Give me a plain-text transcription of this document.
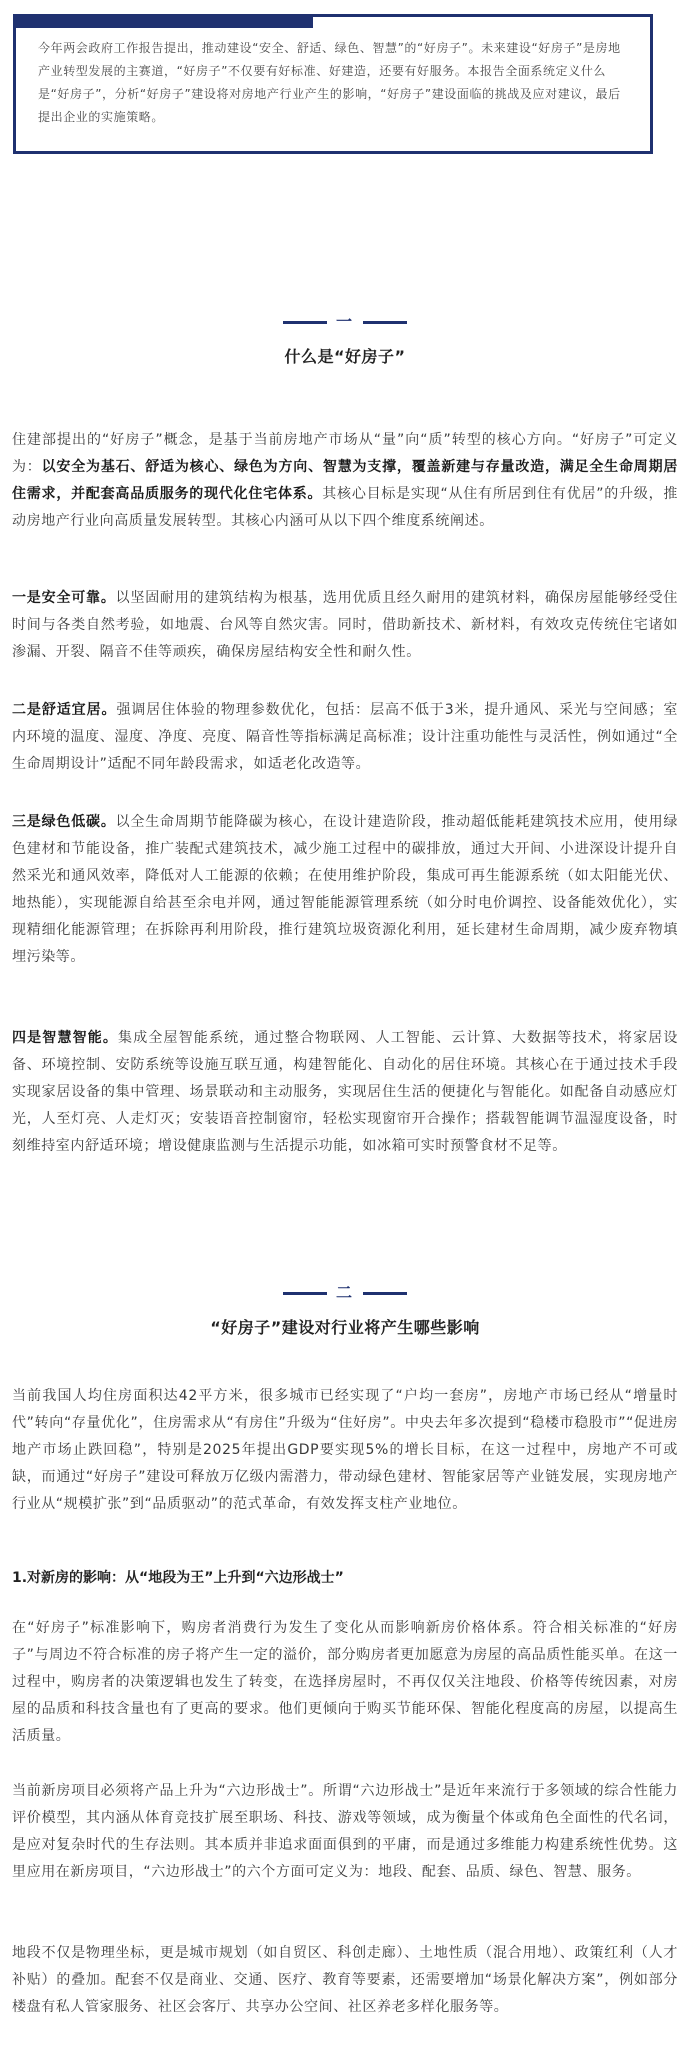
今年两会政府工作报告提出，推动建设“安全、舒适、绿色、智慧”的“好房子”。未来建设“好房子”是房地产业转型发展的主赛道，“好房子”不仅要有好标准、好建造，还要有好服务。本报告全面系统定义什么是“好房子”，分析“好房子”建设将对房地产行业产生的影响，“好房子”建设面临的挑战及应对建议，最后提出企业的实施策略。

一
什么是“好房子”

住建部提出的“好房子”概念，是基于当前房地产市场从“量”向“质”转型的核心方向。“好房子”可定义为：以安全为基石、舒适为核心、绿色为方向、智慧为支撑，覆盖新建与存量改造，满足全生命周期居住需求，并配套高品质服务的现代化住宅体系。其核心目标是实现“从住有所居到住有优居”的升级，推动房地产行业向高质量发展转型。其核心内涵可从以下四个维度系统阐述。

一是安全可靠。以坚固耐用的建筑结构为根基，选用优质且经久耐用的建筑材料，确保房屋能够经受住时间与各类自然考验，如地震、台风等自然灾害。同时，借助新技术、新材料，有效攻克传统住宅诸如渗漏、开裂、隔音不佳等顽疾，确保房屋结构安全性和耐久性。

二是舒适宜居。强调居住体验的物理参数优化，包括：层高不低于3米，提升通风、采光与空间感；室内环境的温度、湿度、净度、亮度、隔音性等指标满足高标准；设计注重功能性与灵活性，例如通过“全生命周期设计”适配不同年龄段需求，如适老化改造等。

三是绿色低碳。以全生命周期节能降碳为核心，在设计建造阶段，推动超低能耗建筑技术应用，使用绿色建材和节能设备，推广装配式建筑技术，减少施工过程中的碳排放，通过大开间、小进深设计提升自然采光和通风效率，降低对人工能源的依赖；在使用维护阶段，集成可再生能源系统（如太阳能光伏、地热能），实现能源自给甚至余电并网，通过智能能源管理系统（如分时电价调控、设备能效优化），实现精细化能源管理；在拆除再利用阶段，推行建筑垃圾资源化利用，延长建材生命周期，减少废弃物填埋污染等。

四是智慧智能。集成全屋智能系统，通过整合物联网、人工智能、云计算、大数据等技术，将家居设备、环境控制、安防系统等设施互联互通，构建智能化、自动化的居住环境。其核心在于通过技术手段实现家居设备的集中管理、场景联动和主动服务，实现居住生活的便捷化与智能化。如配备自动感应灯光，人至灯亮、人走灯灭；安装语音控制窗帘，轻松实现窗帘开合操作；搭载智能调节温湿度设备，时刻维持室内舒适环境；增设健康监测与生活提示功能，如冰箱可实时预警食材不足等。

二
“好房子”建设对行业将产生哪些影响

当前我国人均住房面积达42平方米，很多城市已经实现了“户均一套房”，房地产市场已经从“增量时代”转向“存量优化”，住房需求从“有房住”升级为“住好房”。中央去年多次提到“稳楼市稳股市”“促进房地产市场止跌回稳”，特别是2025年提出GDP要实现5%的增长目标，在这一过程中，房地产不可或缺，而通过“好房子”建设可释放万亿级内需潜力，带动绿色建材、智能家居等产业链发展，实现房地产行业从“规模扩张”到“品质驱动”的范式革命，有效发挥支柱产业地位。

1.对新房的影响：从“地段为王”上升到“六边形战士”

在“好房子”标准影响下，购房者消费行为发生了变化从而影响新房价格体系。符合相关标准的“好房子”与周边不符合标准的房子将产生一定的溢价，部分购房者更加愿意为房屋的高品质性能买单。在这一过程中，购房者的决策逻辑也发生了转变，在选择房屋时，不再仅仅关注地段、价格等传统因素，对房屋的品质和科技含量也有了更高的要求。他们更倾向于购买节能环保、智能化程度高的房屋，以提高生活质量。

当前新房项目必须将产品上升为“六边形战士”。所谓“六边形战士”是近年来流行于多领域的综合性能力评价模型，其内涵从体育竞技扩展至职场、科技、游戏等领域，成为衡量个体或角色全面性的代名词，是应对复杂时代的生存法则。其本质并非追求面面俱到的平庸，而是通过多维能力构建系统性优势。这里应用在新房项目，“六边形战士”的六个方面可定义为：地段、配套、品质、绿色、智慧、服务。

地段不仅是物理坐标，更是城市规划（如自贸区、科创走廊）、土地性质（混合用地）、政策红利（人才补贴）的叠加。配套不仅是商业、交通、医疗、教育等要素，还需要增加“场景化解决方案”，例如部分楼盘有私人管家服务、社区会客厅、共享办公空间、社区养老多样化服务等。
